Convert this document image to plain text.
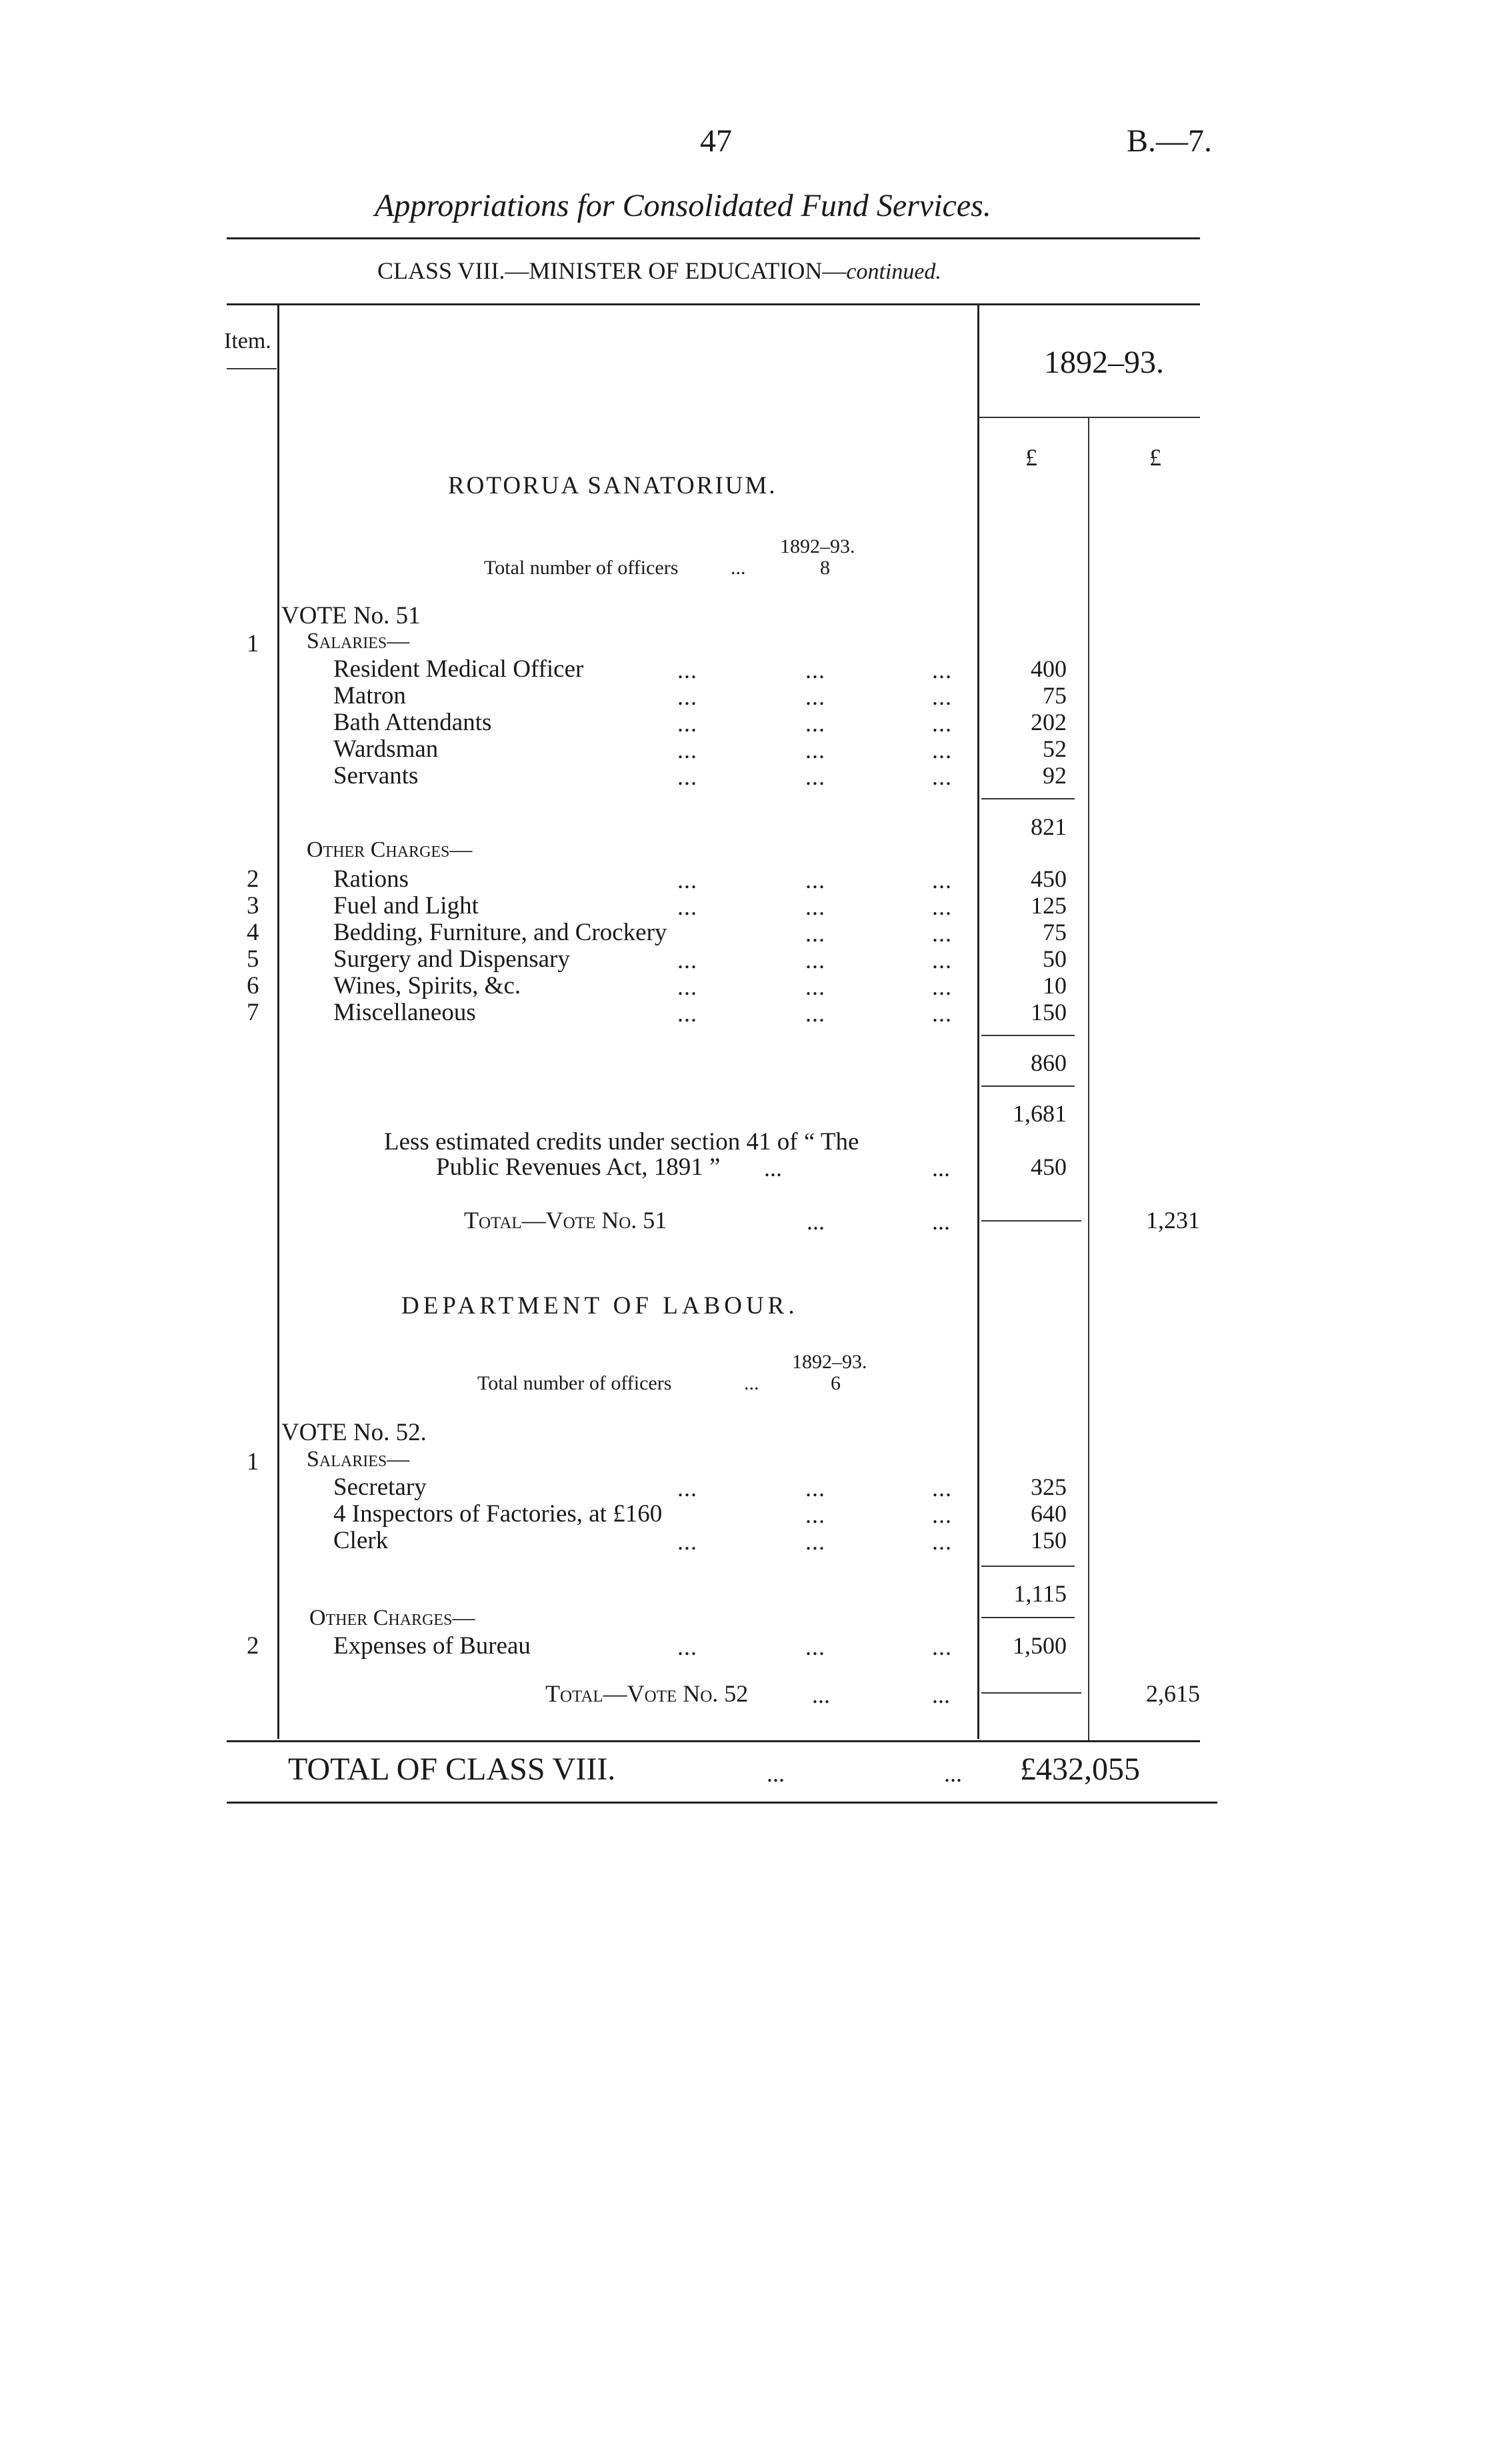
47	B.—7.
Appropriations for Consolidated Fund Services.
CLASS VIII.—MINISTER OF EDUCATION—continued.
Item.
1892–93.
£	£
ROTORUA SANATORIUM.
1892–93.
Total number of officers	...	8
VOTE No. 51
1 Salaries—
Resident Medical Officer	...	...	...	400
Matron	...	...	...	75
Bath Attendants	...	...	...	202
Wardsman	...	...	...	52
Servants	...	...	...	92
821
Other Charges—
2	Rations	...	...	...	450
3	Fuel and Light	...	...	...	125
4	Bedding, Furniture, and Crockery	...	...	75
5	Surgery and Dispensary	...	...	...	50
6	Wines, Spirits, &c.	...	...	...	10
7	Miscellaneous	...	...	...	150
860
1,681
Less estimated credits under section 41 of “ The
Public Revenues Act, 1891 ” ...	...	450
Total—Vote No. 51	...	...	1,231
DEPARTMENT OF LABOUR.
1892–93.
Total number of officers	...	6
VOTE No. 52.
1 Salaries—
Secretary	...	...	...	325
4 Inspectors of Factories, at £160	...	...	640
Clerk	...	...	...	150
1,115
Other Charges—
2	Expenses of Bureau	...	...	...	1,500
Total—Vote No. 52	...	...	2,615
TOTAL OF CLASS VIII.	...	... £432,055
